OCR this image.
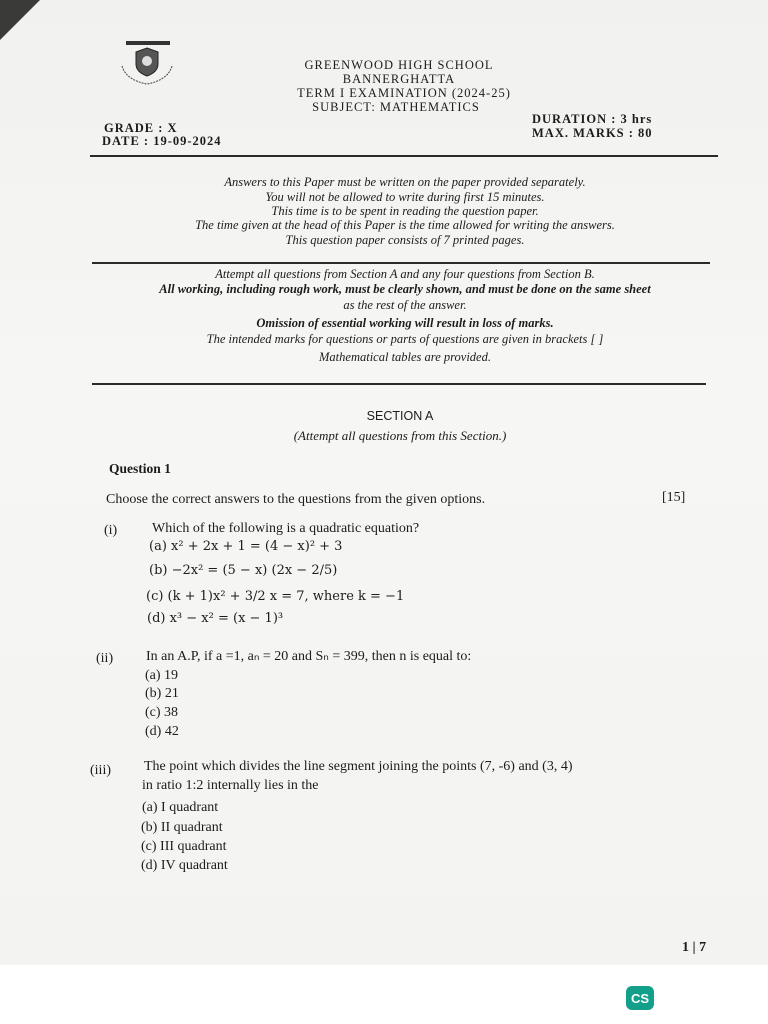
GREENWOOD HIGH SCHOOL
BANNERGHATTA
TERM I EXAMINATION (2024-25)
SUBJECT: MATHEMATICS
GRADE : X
DATE : 19-09-2024
DURATION : 3 hrs
MAX. MARKS : 80
Answers to this Paper must be written on the paper provided separately.
You will not be allowed to write during first 15 minutes.
This time is to be spent in reading the question paper.
The time given at the head of this Paper is the time allowed for writing the answers.
This question paper consists of 7 printed pages.
Attempt all questions from Section A and any four questions from Section B.
All working, including rough work, must be clearly shown, and must be done on the same sheet
as the rest of the answer.
Omission of essential working will result in loss of marks.
The intended marks for questions or parts of questions are given in brackets [ ]
Mathematical tables are provided.
SECTION A
(Attempt all questions from this Section.)
Question 1
Choose the correct answers to the questions from the given options.	[15]
(i) Which of the following is a quadratic equation?
(a) x² + 2x + 1 = (4 − x)² + 3
(b) −2x² = (5 − x) (2x − 2/5)
(c) (k + 1)x² + 3/2 x = 7, where k = −1
(d) x³ − x² = (x − 1)³
(ii) In an A.P, if a =1, aₙ = 20 and Sₙ = 399, then n is equal to:
(a) 19
(b) 21
(c) 38
(d) 42
(iii) The point which divides the line segment joining the points (7, -6) and (3, 4)
in ratio 1:2 internally lies in the
(a) I quadrant
(b) II quadrant
(c) III quadrant
(d) IV quadrant
1 | 7
CS
